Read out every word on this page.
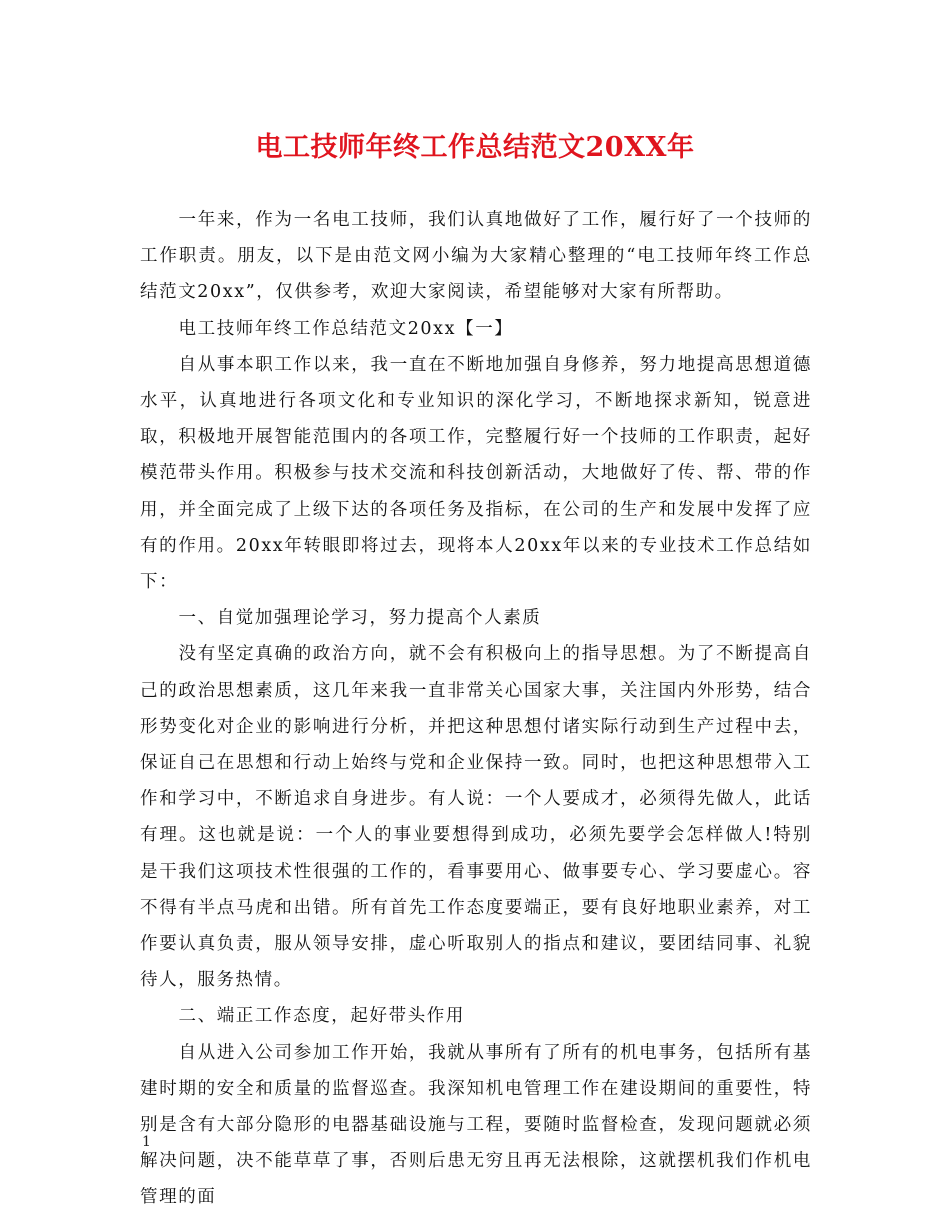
电工技师年终工作总结范文20XX年

一年来，作为一名电工技师，我们认真地做好了工作，履行好了一个技师的工作职责。朋友，以下是由范文网小编为大家精心整理的“电工技师年终工作总结范文20xx”，仅供参考，欢迎大家阅读，希望能够对大家有所帮助。

电工技师年终工作总结范文20xx【一】

自从事本职工作以来，我一直在不断地加强自身修养，努力地提高思想道德水平，认真地进行各项文化和专业知识的深化学习，不断地探求新知，锐意进取，积极地开展智能范围内的各项工作，完整履行好一个技师的工作职责，起好模范带头作用。积极参与技术交流和科技创新活动，大地做好了传、帮、带的作用，并全面完成了上级下达的各项任务及指标，在公司的生产和发展中发挥了应有的作用。20xx年转眼即将过去，现将本人20xx年以来的专业技术工作总结如下：

一、自觉加强理论学习，努力提高个人素质

没有坚定真确的政治方向，就不会有积极向上的指导思想。为了不断提高自己的政治思想素质，这几年来我一直非常关心国家大事，关注国内外形势，结合形势变化对企业的影响进行分析，并把这种思想付诸实际行动到生产过程中去，保证自己在思想和行动上始终与党和企业保持一致。同时，也把这种思想带入工作和学习中，不断追求自身进步。有人说：一个人要成才，必须得先做人，此话有理。这也就是说：一个人的事业要想得到成功，必须先要学会怎样做人!特别是干我们这项技术性很强的工作的，看事要用心、做事要专心、学习要虚心。容不得有半点马虎和出错。所有首先工作态度要端正，要有良好地职业素养，对工作要认真负责，服从领导安排，虚心听取别人的指点和建议，要团结同事、礼貌待人，服务热情。

二、端正工作态度，起好带头作用

自从进入公司参加工作开始，我就从事所有了所有的机电事务，包括所有基建时期的安全和质量的监督巡查。我深知机电管理工作在建设期间的重要性，特别是含有大部分隐形的电器基础设施与工程，要随时监督检查，发现问题就必须解决问题，决不能草草了事，否则后患无穷且再无法根除，这就摆机我们作机电管理的面

1
